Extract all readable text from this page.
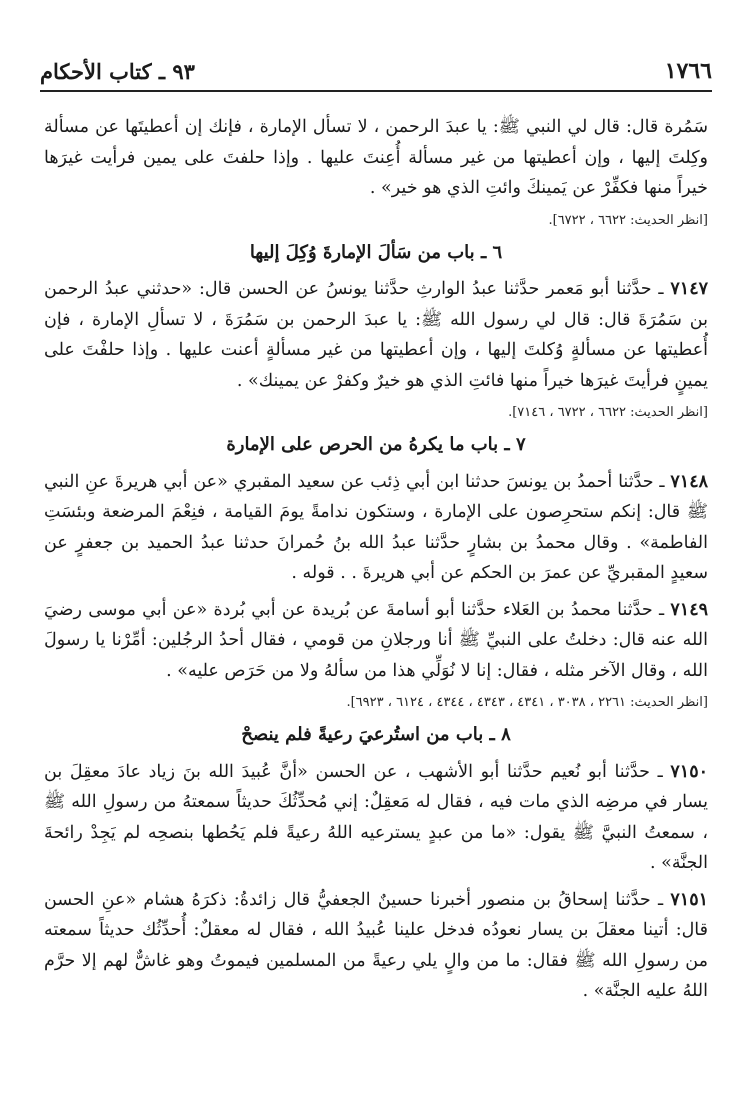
١٧٦٦
٩٣ ـ كتاب الأحكام

سَمُرة قال: قال لي النبي ﷺ: يا عبدَ الرحمن ، لا تسأل الإمارة ، فإنك إن أعطيتَها عن مسألة وكِلتَ إليها ، وإن أعطيتها من غير مسألة أُعِنتَ عليها . وإذا حلفتَ على يمين فرأيت غيرَها خيراً منها فكفِّرْ عن يَمينكَ وائتِ الذي هو خير» .

[انظر الحديث: ٦٦٢٢ ، ٦٧٢٢].
٦ ـ باب من سَألَ الإمارةَ وُكِلَ إليها

٧١٤٧ ـ حدَّثنا أبو مَعمر حدَّثنا عبدُ الوارثِ حدَّثنا يونسُ عن الحسن قال: «حدثني عبدُ الرحمن بن سَمُرَةَ قال: قال لي رسول الله ﷺ: يا عبدَ الرحمن بن سَمُرَةَ ، لا تسألِ الإمارة ، فإن أُعطيتها عن مسألةٍ وُكلتَ إليها ، وإن أعطيتها من غير مسألةٍ أعنت عليها . وإذا حلفْتَ على يمينٍ فرأيتَ غيرَها خيراً منها فائتِ الذي هو خيرٌ وكفرْ عن يمينك» .

[انظر الحديث: ٦٦٢٢ ، ٦٧٢٢ ، ٧١٤٦].
٧ ـ باب ما يكرهُ من الحرص على الإمارة

٧١٤٨ ـ حدَّثنا أحمدُ بن يونسَ حدثنا ابن أبي ذِئب عن سعيد المقبري «عن أبي هريرةَ عنِ النبي ﷺ قال: إنكم ستحرِصون على الإمارة ، وستكون ندامةً يومَ القيامة ، فنِعْمَ المرضعة وبئسَتِ الفاطمة» . وقال محمدُ بن بشارٍ حدَّثنا عبدُ الله بنُ حُمرانَ حدثنا عبدُ الحميد بن جعفرٍ عن سعيدٍ المقبريِّ عن عمرَ بن الحكم عن أبي هريرةَ . . قوله .

٧١٤٩ ـ حدَّثنا محمدُ بن العَلاء حدَّثنا أبو أسامةَ عن بُريدة عن أبي بُردة «عن أبي موسى رضيَ الله عنه قال: دخلتُ على النبيِّ ﷺ أنا ورجلانِ من قومي ، فقال أحدُ الرجُلين: أمِّرْنا يا رسولَ الله ، وقال الآخر مثله ، فقال: إنا لا نُوَلِّي هذا من سألهُ ولا من حَرَص عليه» .

[انظر الحديث: ٢٢٦١ ، ٣٠٣٨ ، ٤٣٤١ ، ٤٣٤٣ ، ٤٣٤٤ ، ٦١٢٤ ، ٦٩٢٣].
٨ ـ باب من استُرعيَ رعيةً فلم ينصحْ

٧١٥٠ ـ حدَّثنا أبو نُعيم حدَّثنا أبو الأشهب ، عن الحسن «أنَّ عُبيدَ الله بنَ زياد عادَ معقِلَ بن يسار في مرضِه الذي مات فيه ، فقال له مَعقِلٌ: إني مُحدِّثُكَ حديثاً سمعتهُ من رسولِ الله ﷺ ، سمعتُ النبيَّ ﷺ يقول: «ما من عبدٍ يسترعيه اللهُ رعيةً فلم يَحُطها بنصحِه لم يَجِدْ رائحةَ الجنَّة» .

٧١٥١ ـ حدَّثنا إسحاقُ بن منصور أخبرنا حسينٌ الجعفيُّ قال زائدةُ: ذكرَهُ هشام «عنِ الحسن قال: أتينا معقلَ بن يسار نعودُه فدخل علينا عُبيدُ الله ، فقال له معقلٌ: أُحدِّثُك حديثاً سمعته من رسولِ الله ﷺ فقال: ما من والٍ يلي رعيةً من المسلمين فيموتُ وهو غاشٌّ لهم إلا حرَّم اللهُ عليه الجنَّة» .
